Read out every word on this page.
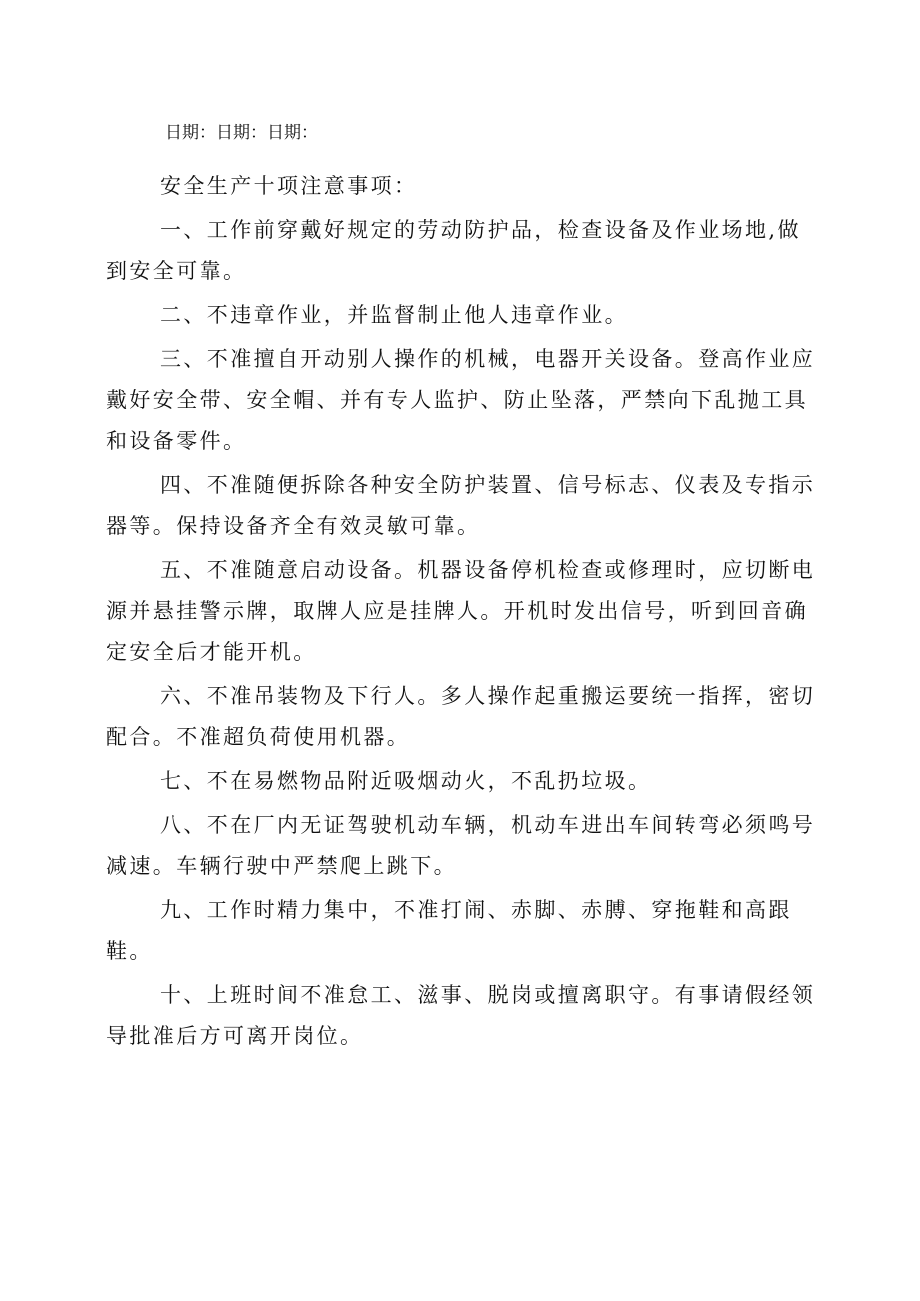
日期：日期：日期：

安全生产十项注意事项：

一、工作前穿戴好规定的劳动防护品，检查设备及作业场地,做到安全可靠。

二、不违章作业，并监督制止他人违章作业。

三、不准擅自开动别人操作的机械，电器开关设备。登高作业应戴好安全带、安全帽、并有专人监护、防止坠落，严禁向下乱抛工具和设备零件。

四、不准随便拆除各种安全防护装置、信号标志、仪表及专指示器等。保持设备齐全有效灵敏可靠。

五、不准随意启动设备。机器设备停机检查或修理时，应切断电源并悬挂警示牌，取牌人应是挂牌人。开机时发出信号，听到回音确定安全后才能开机。

六、不准吊装物及下行人。多人操作起重搬运要统一指挥，密切配合。不准超负荷使用机器。

七、不在易燃物品附近吸烟动火，不乱扔垃圾。

八、不在厂内无证驾驶机动车辆，机动车进出车间转弯必须鸣号减速。车辆行驶中严禁爬上跳下。

九、工作时精力集中，不准打闹、赤脚、赤膊、穿拖鞋和高跟鞋。

十、上班时间不准怠工、滋事、脱岗或擅离职守。有事请假经领导批准后方可离开岗位。
